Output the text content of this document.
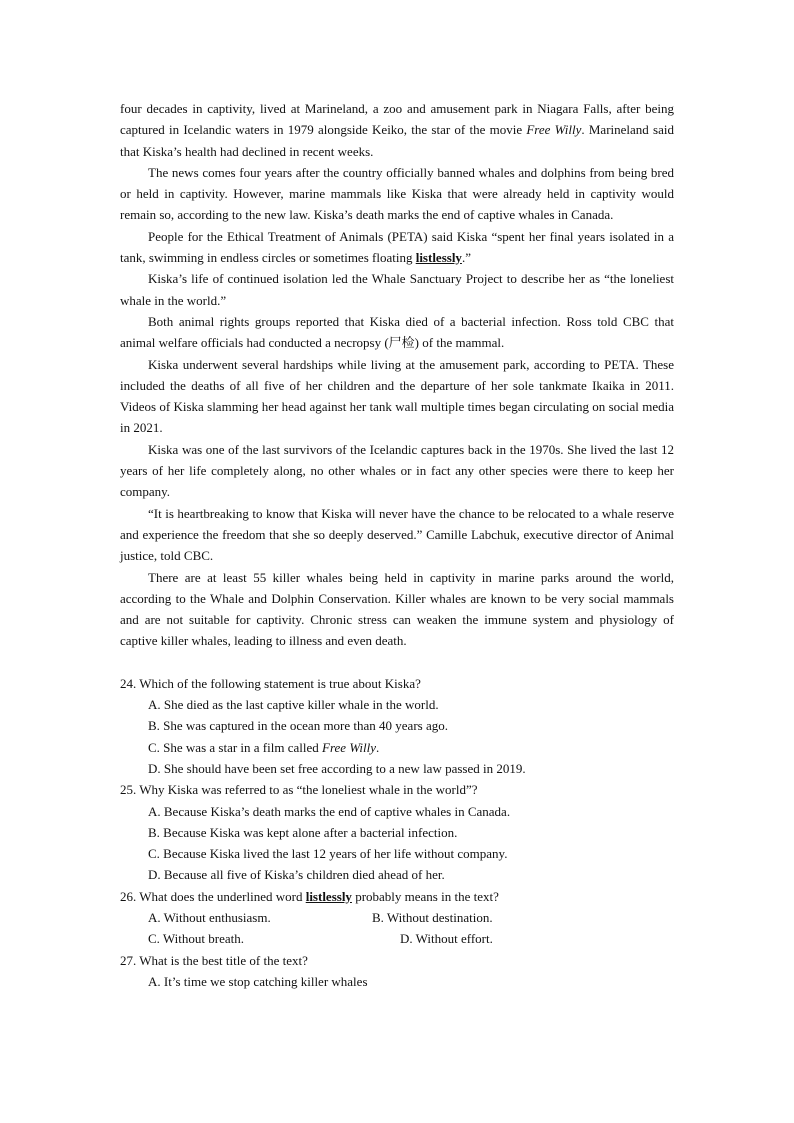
four decades in captivity, lived at Marineland, a zoo and amusement park in Niagara Falls, after being captured in Icelandic waters in 1979 alongside Keiko, the star of the movie Free Willy. Marineland said that Kiska’s health had declined in recent weeks.

The news comes four years after the country officially banned whales and dolphins from being bred or held in captivity. However, marine mammals like Kiska that were already held in captivity would remain so, according to the new law. Kiska’s death marks the end of captive whales in Canada.

People for the Ethical Treatment of Animals (PETA) said Kiska “spent her final years isolated in a tank, swimming in endless circles or sometimes floating listlessly.”

Kiska’s life of continued isolation led the Whale Sanctuary Project to describe her as “the loneliest whale in the world.”

Both animal rights groups reported that Kiska died of a bacterial infection. Ross told CBC that animal welfare officials had conducted a necropsy (尸检) of the mammal.

Kiska underwent several hardships while living at the amusement park, according to PETA. These included the deaths of all five of her children and the departure of her sole tankmate Ikaika in 2011. Videos of Kiska slamming her head against her tank wall multiple times began circulating on social media in 2021.

Kiska was one of the last survivors of the Icelandic captures back in the 1970s. She lived the last 12 years of her life completely along, no other whales or in fact any other species were there to keep her company.

“It is heartbreaking to know that Kiska will never have the chance to be relocated to a whale reserve and experience the freedom that she so deeply deserved.” Camille Labchuk, executive director of Animal justice, told CBC.

There are at least 55 killer whales being held in captivity in marine parks around the world, according to the Whale and Dolphin Conservation. Killer whales are known to be very social mammals and are not suitable for captivity. Chronic stress can weaken the immune system and physiology of captive killer whales, leading to illness and even death.

24. Which of the following statement is true about Kiska?

A. She died as the last captive killer whale in the world.

B. She was captured in the ocean more than 40 years ago.

C. She was a star in a film called Free Willy.

D. She should have been set free according to a new law passed in 2019.

25. Why Kiska was referred to as “the loneliest whale in the world”?

A. Because Kiska’s death marks the end of captive whales in Canada.

B. Because Kiska was kept alone after a bacterial infection.

C. Because Kiska lived the last 12 years of her life without company.

D. Because all five of Kiska’s children died ahead of her.

26. What does the underlined word listlessly probably means in the text?

A. Without enthusiasm.	B. Without destination.
C. Without breath.	D. Without effort.

27. What is the best title of the text?

A. It’s time we stop catching killer whales
